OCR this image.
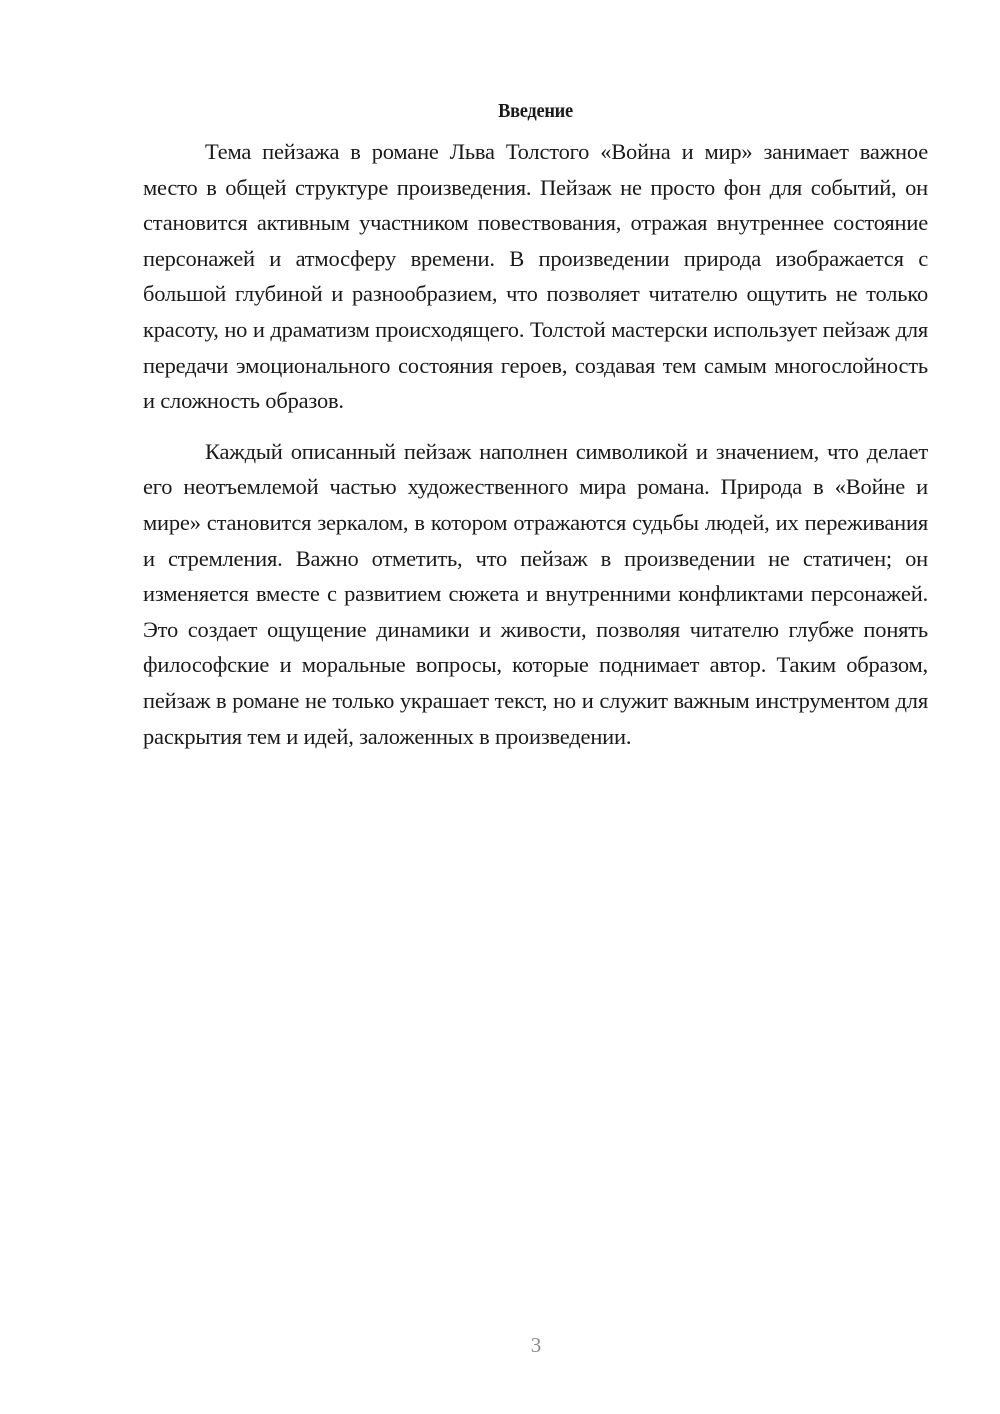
Введение

Тема пейзажа в романе Льва Толстого «Война и мир» занимает важное место в общей структуре произведения. Пейзаж не просто фон для событий, он становится активным участником повествования, отражая внутреннее состояние персонажей и атмосферу времени. В произведении природа изображается с большой глубиной и разнообразием, что позволяет читателю ощутить не только красоту, но и драматизм происходящего. Толстой мастерски использует пейзаж для передачи эмоционального состояния героев, создавая тем самым многослойность и сложность образов.

Каждый описанный пейзаж наполнен символикой и значением, что делает его неотъемлемой частью художественного мира романа. Природа в «Войне и мире» становится зеркалом, в котором отражаются судьбы людей, их переживания и стремления. Важно отметить, что пейзаж в произведении не статичен; он изменяется вместе с развитием сюжета и внутренними конфликтами персонажей. Это создает ощущение динамики и живости, позволяя читателю глубже понять философские и моральные вопросы, которые поднимает автор. Таким образом, пейзаж в романе не только украшает текст, но и служит важным инструментом для раскрытия тем и идей, заложенных в произведении.

3
